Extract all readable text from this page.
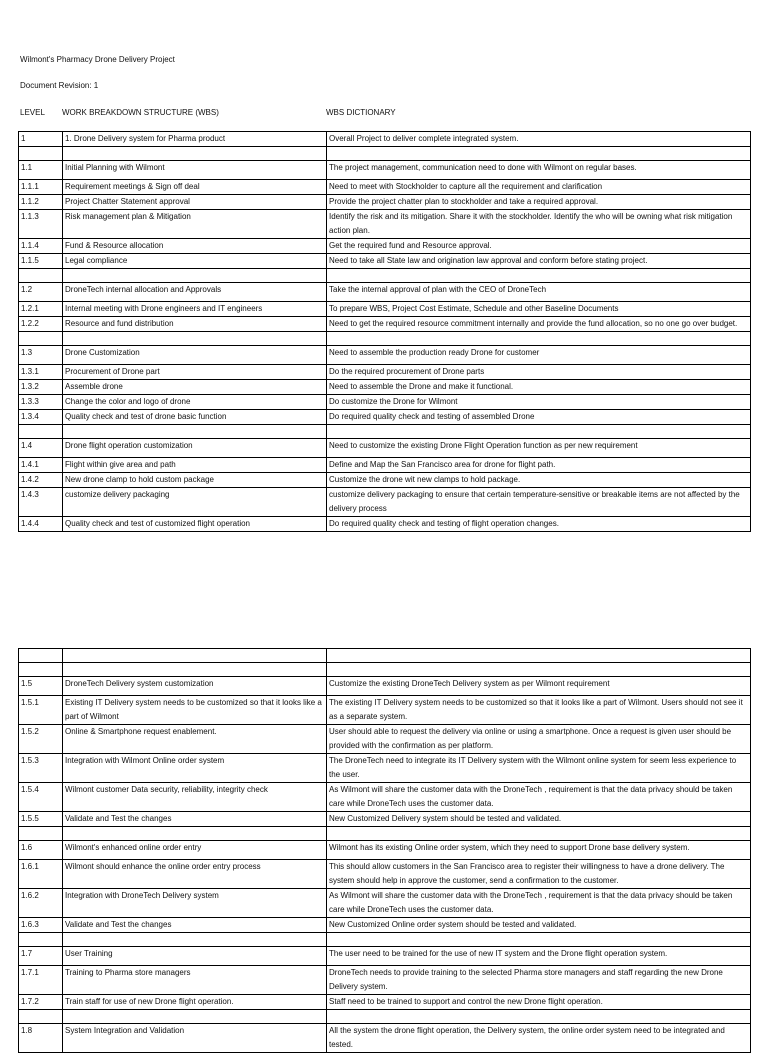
Wilmont's Pharmacy Drone Delivery Project
Document Revision: 1
LEVEL WORK BREAKDOWN STRUCTURE (WBS)	WBS DICTIONARY
1	1. Drone Delivery system for Pharma product	Overall Project to deliver complete integrated system.

1.1	Initial Planning with Wilmont	The project management, communication need to done with Wilmont on regular bases.
1.1.1	Requirement meetings & Sign off deal	Need to meet with Stockholder to capture all the requirement and clarification
1.1.2	Project Chatter Statement approval	Provide the project chatter plan to stockholder and take a required approval.
1.1.3	Risk management plan & Mitigation	Identify the risk and its mitigation. Share it with the stockholder. Identify the who will be owning what risk mitigation action plan.
1.1.4	Fund & Resource allocation	Get the required fund and Resource approval.
1.1.5	Legal compliance	Need to take all State law and origination law approval and conform before stating project.

1.2	DroneTech internal allocation and Approvals	Take the internal approval of plan with the CEO of DroneTech
1.2.1	Internal meeting with Drone engineers and IT engineers	To prepare WBS, Project Cost Estimate, Schedule and other Baseline Documents
1.2.2	Resource and fund distribution	Need to get the required resource commitment internally and provide the fund allocation, so no one go over budget.

1.3	Drone Customization	Need to assemble the production ready Drone for customer
1.3.1	Procurement of Drone part	Do the required procurement of Drone parts
1.3.2	Assemble drone	Need to assemble the Drone and make it functional.
1.3.3	Change the color and logo of drone	Do customize the Drone for Wilmont
1.3.4	Quality check and test of drone basic function	Do required quality check and testing of assembled Drone

1.4	Drone flight operation customization	Need to customize the existing Drone Flight Operation function as per new requirement
1.4.1	Flight within give area and path	Define and Map the San Francisco area for drone for flight path.
1.4.2	New drone clamp to hold custom package	Customize the drone wit new clamps to hold package.
1.4.3	customize delivery packaging	customize delivery packaging to ensure that certain temperature-sensitive or breakable items are not affected by the delivery process
1.4.4	Quality check and test of customized flight operation	Do required quality check and testing of flight operation changes.

1.5	DroneTech Delivery system customization	Customize the existing DroneTech Delivery system as per Wilmont requirement
1.5.1	Existing IT Delivery system needs to be customized so that it looks like a part of Wilmont	The existing IT Delivery system needs to be customized so that it looks like a part of Wilmont. Users should not see it as a separate system.
1.5.2	Online & Smartphone request enablement.	User should able to request the delivery via online or using a smartphone. Once a request is given user should be provided with the confirmation as per platform.
1.5.3	Integration with Wilmont Online order system	The DroneTech need to integrate its IT Delivery system with the Wilmont online system for seem less experience to the user.
1.5.4	Wilmont customer Data security, reliability, integrity check	As Wilmont will share the customer data with the DroneTech , requirement is that the data privacy should be taken care while DroneTech uses the customer data.
1.5.5	Validate and Test the changes	New Customized Delivery system should be tested and validated.

1.6	Wilmont's enhanced online order entry	Wilmont has its existing Online order system, which they need to support Drone base delivery system.
1.6.1	Wilmont should enhance the online order entry process	This should allow customers in the San Francisco area to register their willingness to have a drone delivery. The system should help in approve the customer, send a confirmation to the customer.
1.6.2	Integration with DroneTech Delivery system	As Wilmont will share the customer data with the DroneTech , requirement is that the data privacy should be taken care while DroneTech uses the customer data.
1.6.3	Validate and Test the changes	New Customized Online order system should be tested and validated.

1.7	User Training	The user need to be trained for the use of new IT system and the Drone flight operation system.
1.7.1	Training to Pharma store managers	DroneTech needs to provide training to the selected Pharma store managers and staff regarding the new Drone Delivery system.
1.7.2	Train staff for use of new Drone flight operation.	Staff need to be trained to support and control the new Drone flight operation.

1.8	System Integration and Validation	All the system the drone flight operation, the Delivery system, the online order system need to be integrated and tested.
